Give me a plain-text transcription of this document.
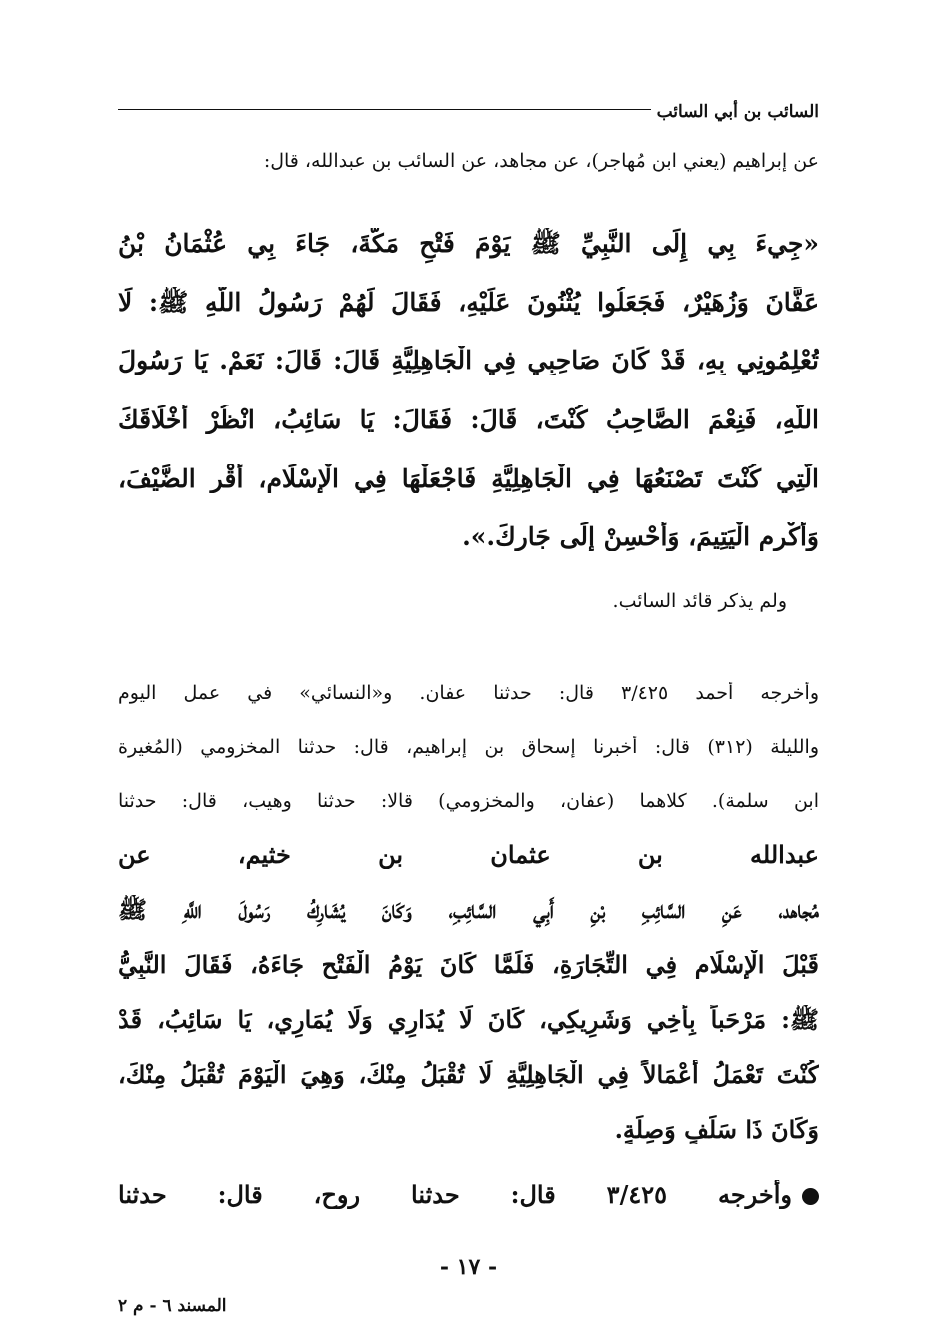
السائب بن أبي السائب
عن إبراهيم (يعني ابن مُهاجر)، عن مجاهد، عن السائب بن عبدالله، قال:
«جِيءَ بِي إِلَى النَّبِيِّ ﷺ يَوْمَ فَتْحِ مَكَّةَ، جَاءَ بِي عُثْمَانُ بْنُ
عَفَّانَ وَزُهَيْرٌ، فَجَعَلُوا يُثْنُونَ عَلَيْهِ، فَقَالَ لَهُمْ رَسُولُ اللَّهِ ﷺ: لَا
تُعْلِمُونِي بِهِ، قَدْ كَانَ صَاحِبِي فِي الْجَاهِلِيَّةِ قَالَ: قَالَ: نَعَمْ. يَا رَسُولَ
اللَّهِ، فَنِعْمَ الصَّاحِبُ كُنْتَ، قَالَ: فَقَالَ: يَا سَائِبُ، انْظُرْ أَخْلَاقَكَ
الَّتِي كُنْتَ تَصْنَعُهَا فِي الْجَاهِلِيَّةِ فَاجْعَلْهَا فِي الْإِسْلَامِ، أَقْرِ الضَّيْفَ،
وَأَكْرِمِ الْيَتِيمَ، وَأَحْسِنْ إِلَى جَارِكَ.».
ولم يذكر قائد السائب.
وأخرجه أحمد ٣/٤٢٥ قال: حدثنا عفان. و«النسائي» في عمل اليوم
والليلة (٣١٢) قال: أخبرنا إسحاق بن إبراهيم، قال: حدثنا المخزومي (المُغيرة
ابن سلمة). كلاهما (عفان، والمخزومي) قالا: حدثنا وهيب، قال: حدثنا
عبدالله بن عثمان بن خثيم، عن
مُجاهد، عَنِ السَّائِبِ بْنِ أَبِي السَّائِبِ، وَكَانَ يُشَارِكُ رَسُولَ اللَّهِ ﷺ
قَبْلَ الْإِسْلَامِ فِي التِّجَارَةِ، فَلَمَّا كَانَ يَوْمُ الْفَتْحِ جَاءَهُ، فَقَالَ النَّبِيُّ
ﷺ: مَرْحَباً بِأَخِي وَشَرِيكِي، كَانَ لَا يُدَارِي وَلَا يُمَارِي، يَا سَائِبُ، قَدْ
كُنْتَ تَعْمَلُ أَعْمَالاً فِي الْجَاهِلِيَّةِ لَا تُقْبَلُ مِنْكَ، وَهِيَ الْيَوْمَ تُقْبَلُ مِنْكَ،
وَكَانَ ذَا سَلَفٍ وَصِلَةٍ.
وأخرجه ٣/٤٢٥ قال: حدثنا روح، قال: حدثنا
- ١٧ -
المسند ٦ - م ٢
